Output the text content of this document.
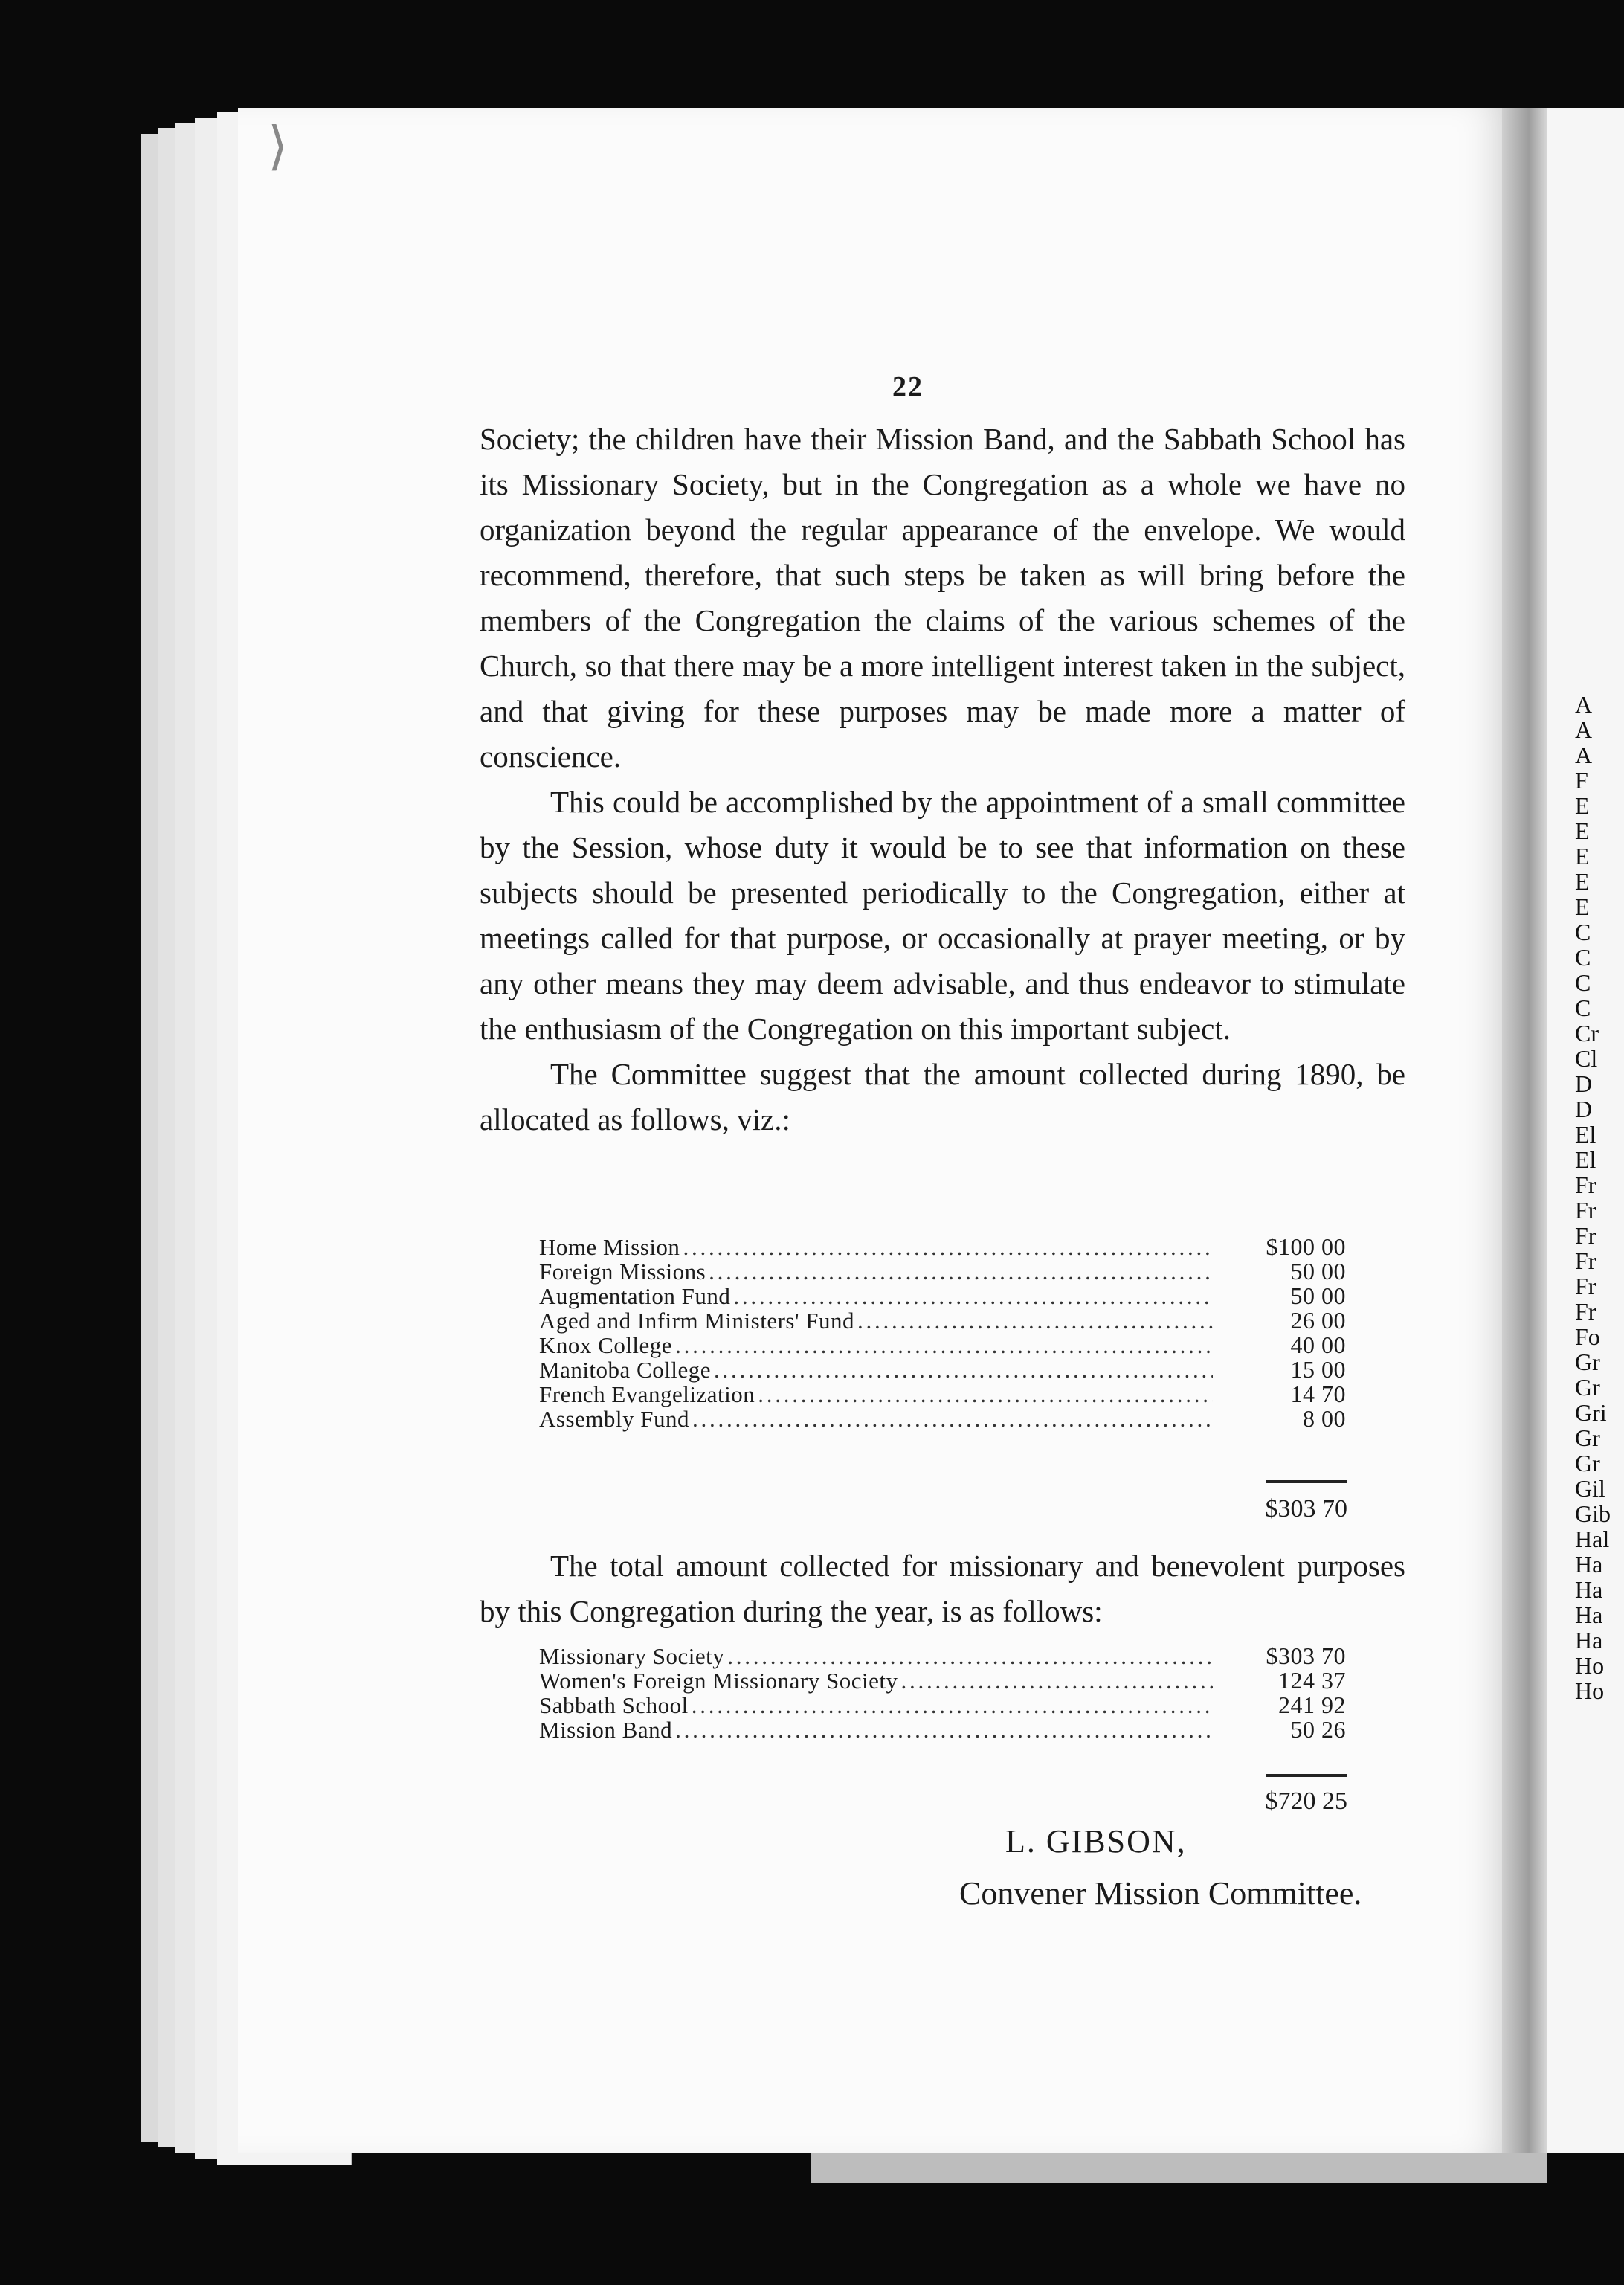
⟩
22

Society; the children have their Mission Band, and the Sabbath School has its Missionary Society, but in the Congregation as a whole we have no organization beyond the regular appearance of the envelope. We would recommend, therefore, that such steps be taken as will bring before the members of the Congregation the claims of the various schemes of the Church, so that there may be a more intelligent interest taken in the subject, and that giving for these purposes may be made more a matter of conscience.

This could be accomplished by the appointment of a small committee by the Session, whose duty it would be to see that information on these subjects should be presented periodically to the Congregation, either at meetings called for that purpose, or occasionally at prayer meeting, or by any other means they may deem advisable, and thus endeavor to stimulate the enthusiasm of the Congregation on this important subject.

The Committee suggest that the amount collected during 1890, be allocated as follows, viz.:

Home Mission . . .	$100 00
Foreign Missions . . .	50 00
Augmentation Fund . . .	50 00
Aged and Infirm Ministers' Fund . . .	26 00
Knox College . . .	40 00
Manitoba College . . .	15 00
French Evangelization . . .	14 70
Assembly Fund . . .	8 00
$303 70

The total amount collected for missionary and benevolent purposes by this Congregation during the year, is as follows:

Missionary Society . . .	$303 70
Women's Foreign Missionary Society . . .	124 37
Sabbath School . . .	241 92
Mission Band . . .	50 26
$720 25
L. GIBSON,
Convener Mission Committee.
A
A
A
F
E
E
E
E
E
C
C
C
C
Cr
Cl
D
D
El
El
Fr
Fr
Fr
Fr
Fr
Fr
Fo
Gr
Gr
Gri
Gr
Gr
Gil
Gib
Hal
Ha
Ha
Ha
Ha
Ho
Ho
